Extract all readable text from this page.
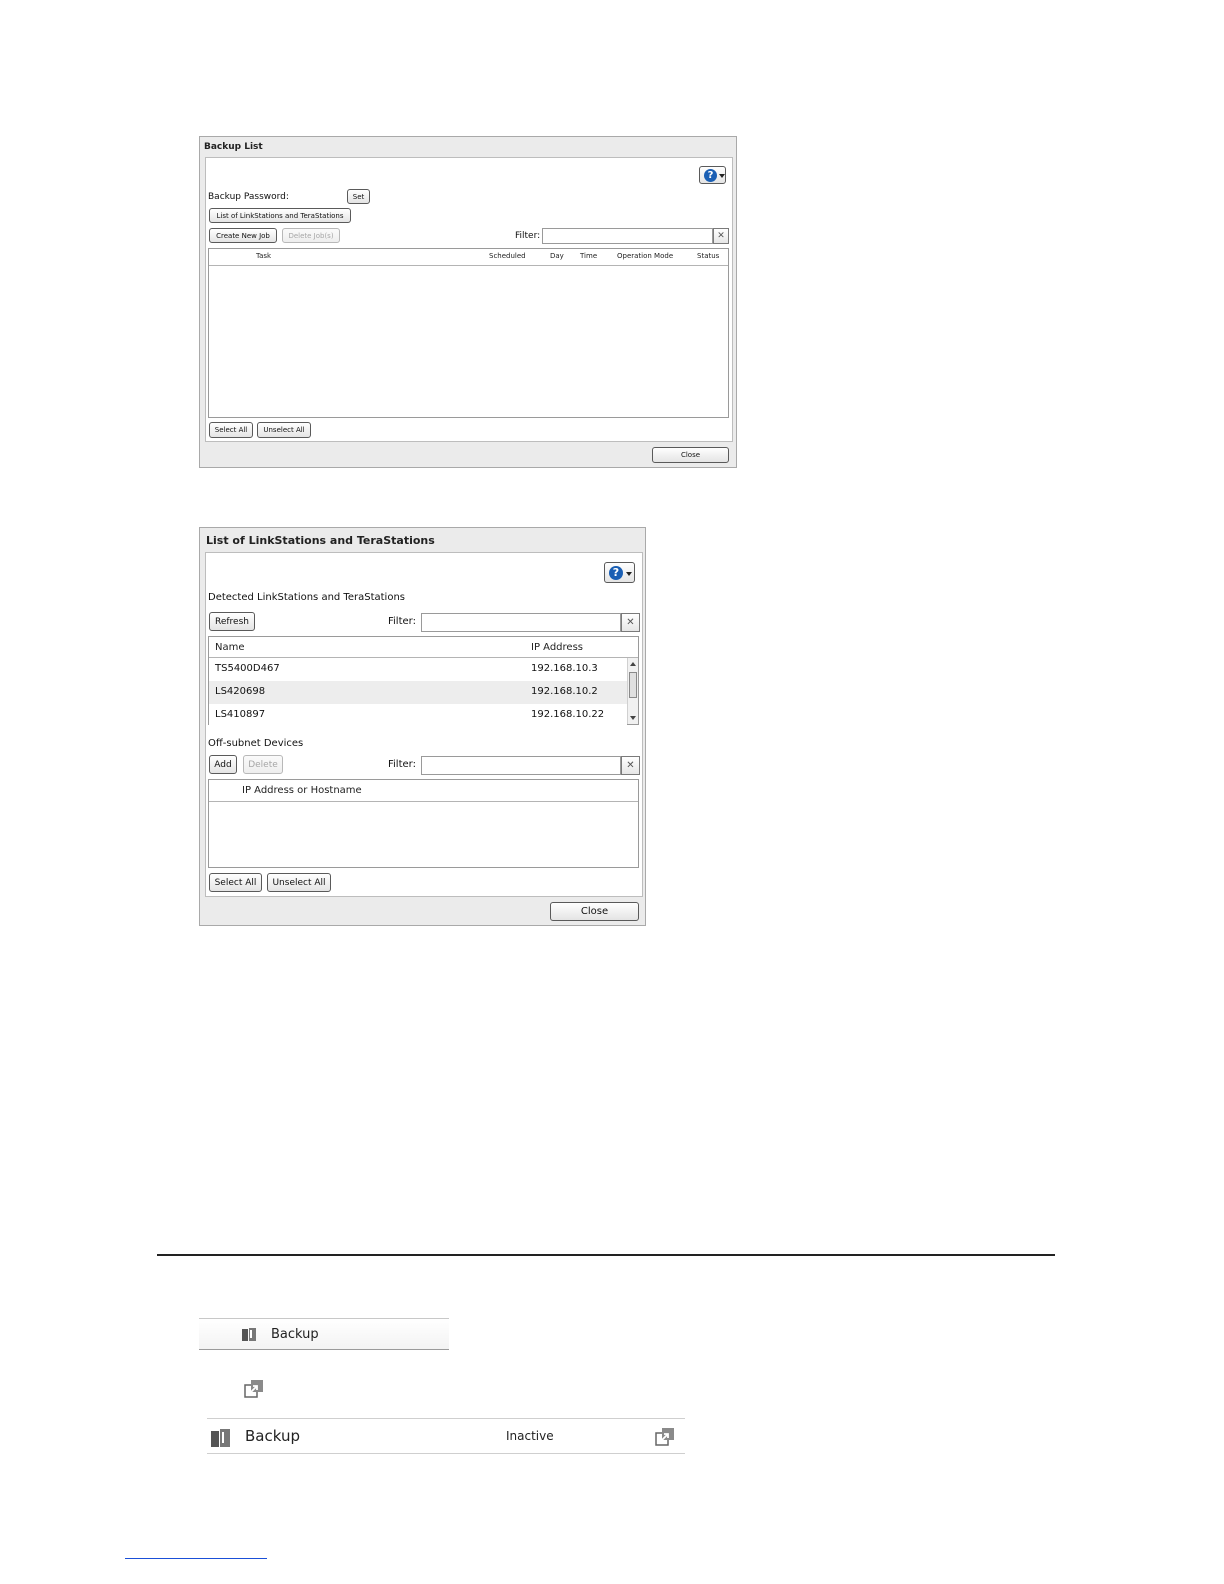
Backup List
?
Backup Password:	Set
List of LinkStations and TeraStations
Create New Job	Delete Job(s)	Filter:	✕
Task	Scheduled	Day Time	Operation Mode	Status
Select All	Unselect All
Close
List of LinkStations and TeraStations
?
Detected LinkStations and TeraStations
Refresh	Filter:	✕
Name	IP Address
TS5400D467	192.168.10.3
LS420698	192.168.10.2
LS410897	192.168.10.22
Off-subnet Devices
Add	Delete	Filter:	✕
IP Address or Hostname
Select All	Unselect All
Close
Backup
Backup	Inactive
